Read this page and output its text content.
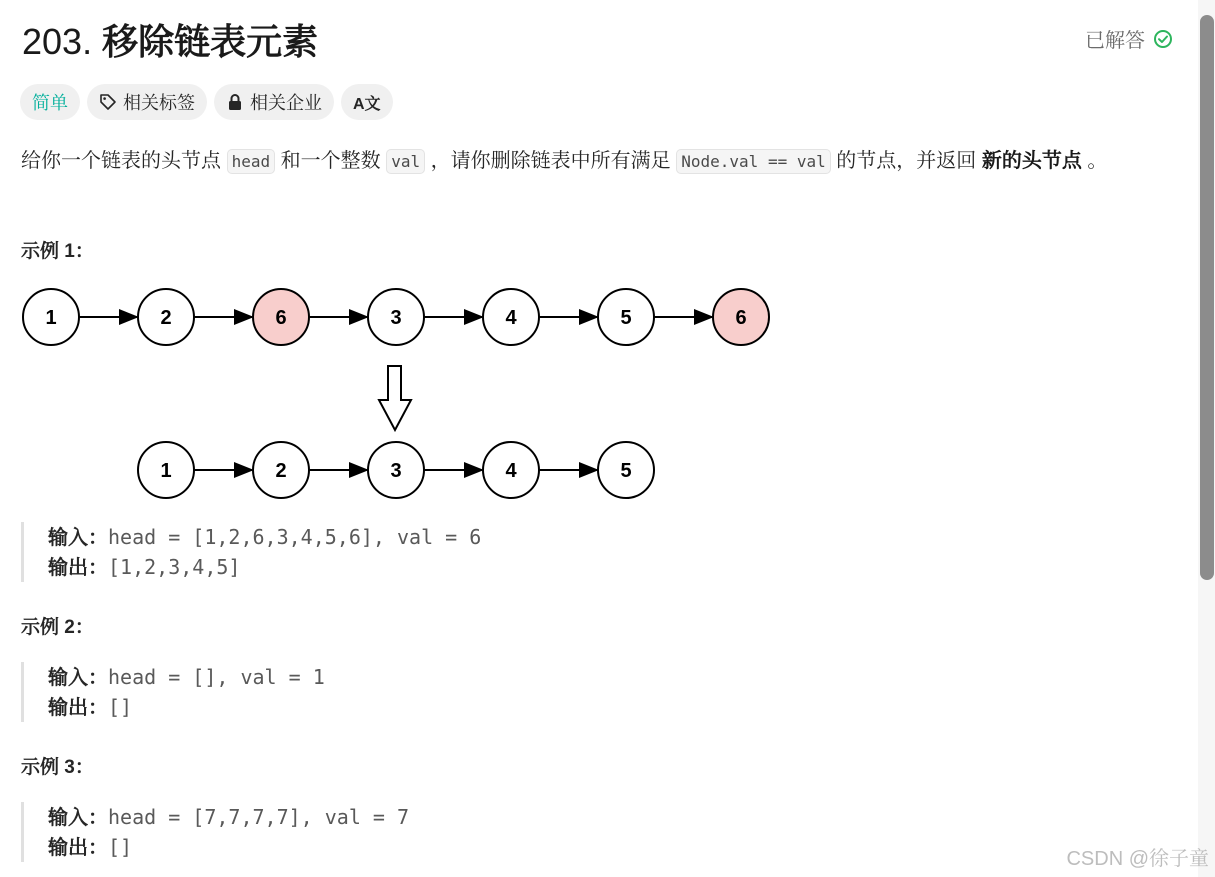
203. 移除链表元素	已解答
简单	相关标签	相关企业 A文

给你一个链表的头节点 head 和一个整数 val ，请你删除链表中所有满足 Node.val == val 的节点，并返回 新的头节点 。

示例 1：
1	2	6	3	4	5	6
1	2	3	4	5
输入：head = [1,2,6,3,4,5,6], val = 6
输出：[1,2,3,4,5]
示例 2：
输入：head = [], val = 1
输出：[]
示例 3：
输入：head = [7,7,7,7], val = 7
输出：[]	CSDN @徐子童
